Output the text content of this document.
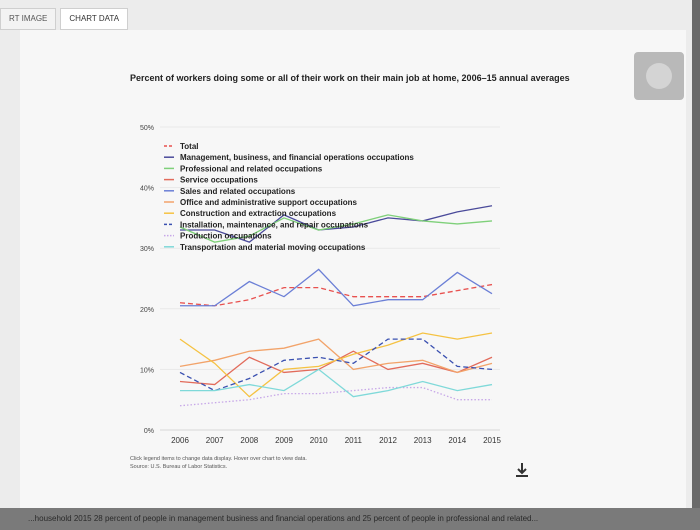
RT IMAGE	CHART DATA
Percent of workers doing some or all of their work on their main job at home, 2006–15 annual averages
0%
10%
20%
30%
40%
50%
2006 2007 2008 2009 2010 2011 2012 2013 2014 2015
Total
Management, business, and financial operations occupations
Professional and related occupations
Service occupations
Sales and related occupations
Office and administrative support occupations
Construction and extraction occupations
Installation, maintenance, and repair occupations
Production occupations
Transportation and material moving occupations
Click legend items to change data display. Hover over chart to view data.
Source: U.S. Bureau of Labor Statistics.
...household 2015 28 percent of people in management business and financial operations and 25 percent of people in professional and related...
